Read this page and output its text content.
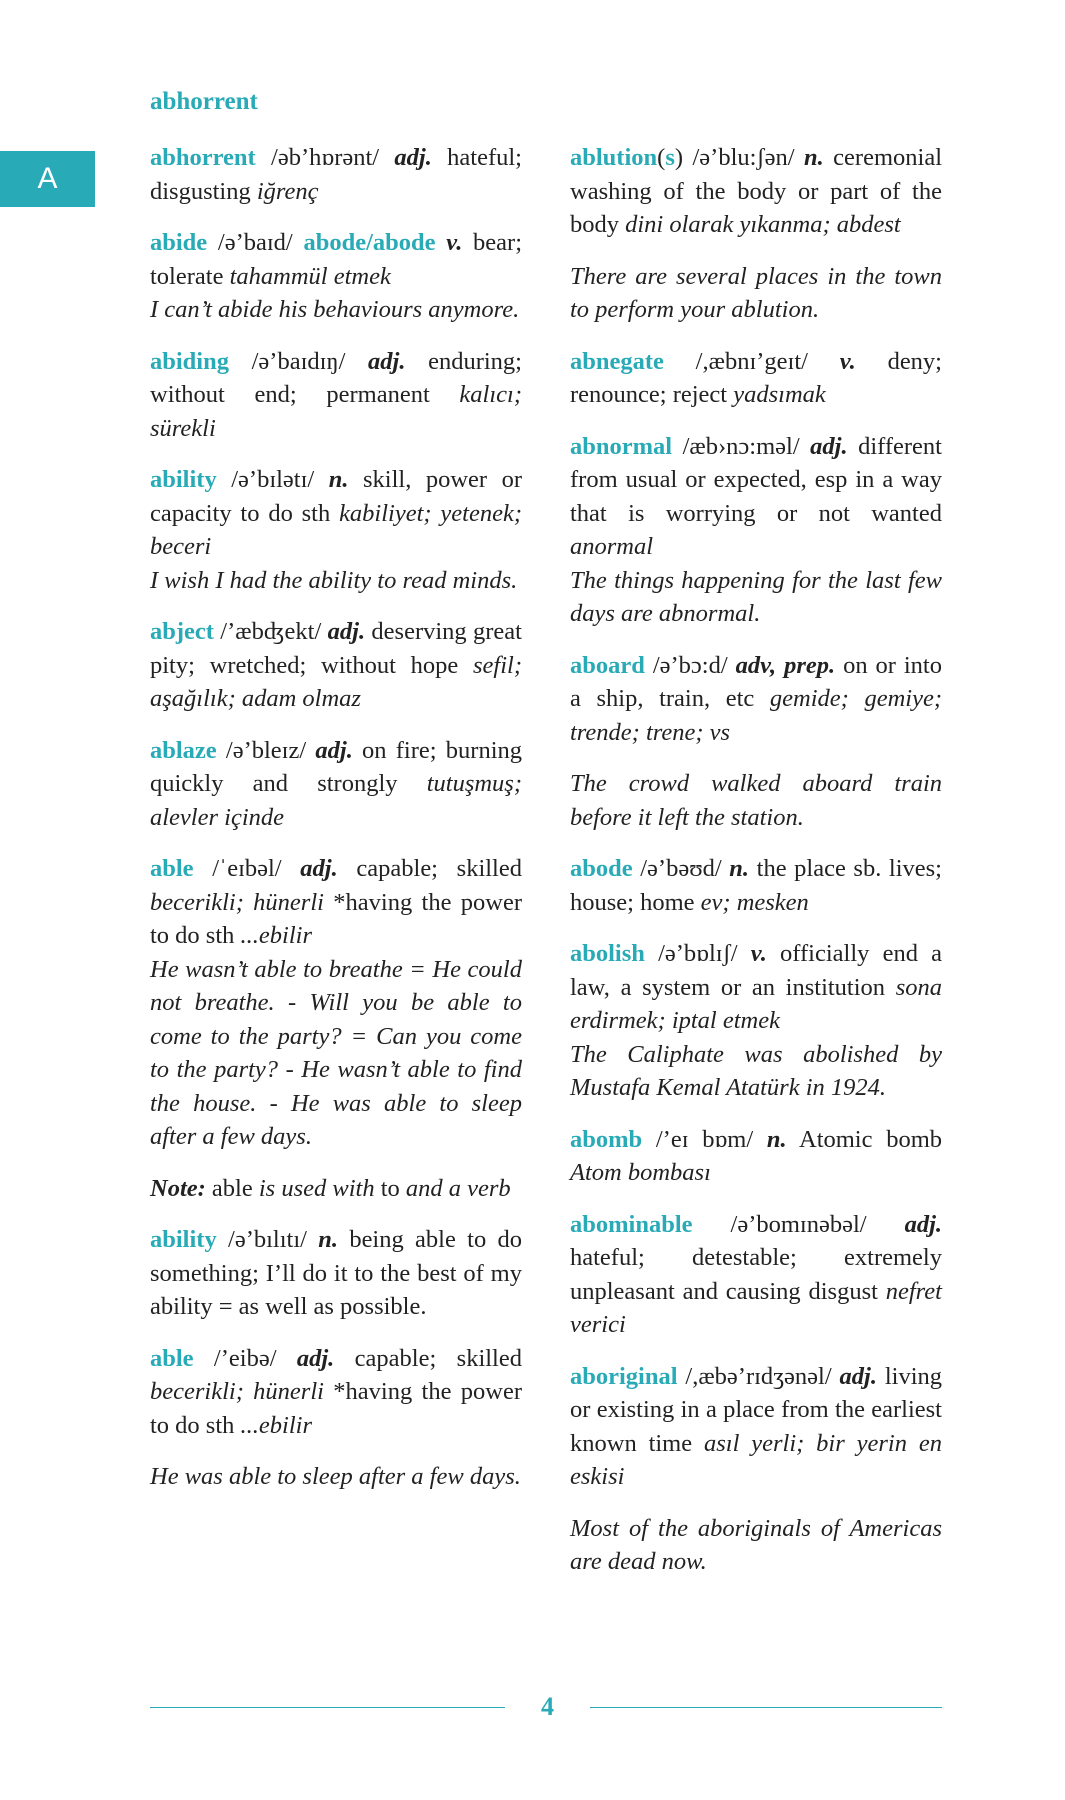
abhorrent
A

abhorrent /əb’hɒrənt/ adj. hateful; disgusting iğrenç

abide /ə’baɪd/ abode/abode v. bear; tolerate tahammül etmek
I can’t abide his behaviours anymore.

abiding /ə’baɪdɪŋ/ adj. enduring; without end; permanent kalıcı; sürekli

ability /ə’bɪlətɪ/ n. skill, power or capacity to do sth kabiliyet; yetenek; beceri
I wish I had the ability to read minds.

abject /’æbʤekt/ adj. deserving great pity; wretched; without hope sefil; aşağılık; adam olmaz

ablaze /ə’bleɪz/ adj. on fire; burning quickly and strongly tutuşmuş; alevler içinde

able /ˈeɪbəl/ adj. capable; skilled becerikli; hünerli *having the power to do sth ...ebilir
He wasn’t able to breathe = He could not breathe. - Will you be able to come to the party? = Can you come to the party? - He wasn’t able to find the house. - He was able to sleep after a few days.

Note: able is used with to and a verb

ability /ə’bılıtı/ n. being able to do something; I’ll do it to the best of my ability = as well as possible.

able /’eibə/ adj. capable; skilled becerikli; hünerli *having the power to do sth ...ebilir

He was able to sleep after a few days.

ablution(s) /ə’blu:ʃən/ n. ceremonial washing of the body or part of the body dini olarak yıkanma; abdest

There are several places in the town to perform your ablution.

abnegate /,æbnɪ’geɪt/ v. deny; renounce; reject yadsımak

abnormal /æb›nɔ:məl/ adj. different from usual or expected, esp in a way that is worrying or not wanted anormal
The things happening for the last few days are abnormal.

aboard /ə’bɔ:d/ adv, prep. on or into a ship, train, etc gemide; gemiye; trende; trene; vs

The crowd walked aboard train before it left the station.

abode /ə’bəʊd/ n. the place sb. lives; house; home ev; mesken

abolish /ə’bɒlɪʃ/ v. officially end a law, a system or an institution sona erdirmek; iptal etmek
The Caliphate was abolished by Mustafa Kemal Atatürk in 1924.

abomb /’eɪ bɒm/ n. Atomic bomb Atom bombası

abominable /ə’bomɪnəbəl/ adj. hateful; detestable; extremely unpleasant and causing disgust nefret verici

aboriginal /,æbə’rɪdʒənəl/ adj. living or existing in a place from the earliest known time asıl yerli; bir yerin en eskisi

Most of the aboriginals of Americas are dead now.

4
